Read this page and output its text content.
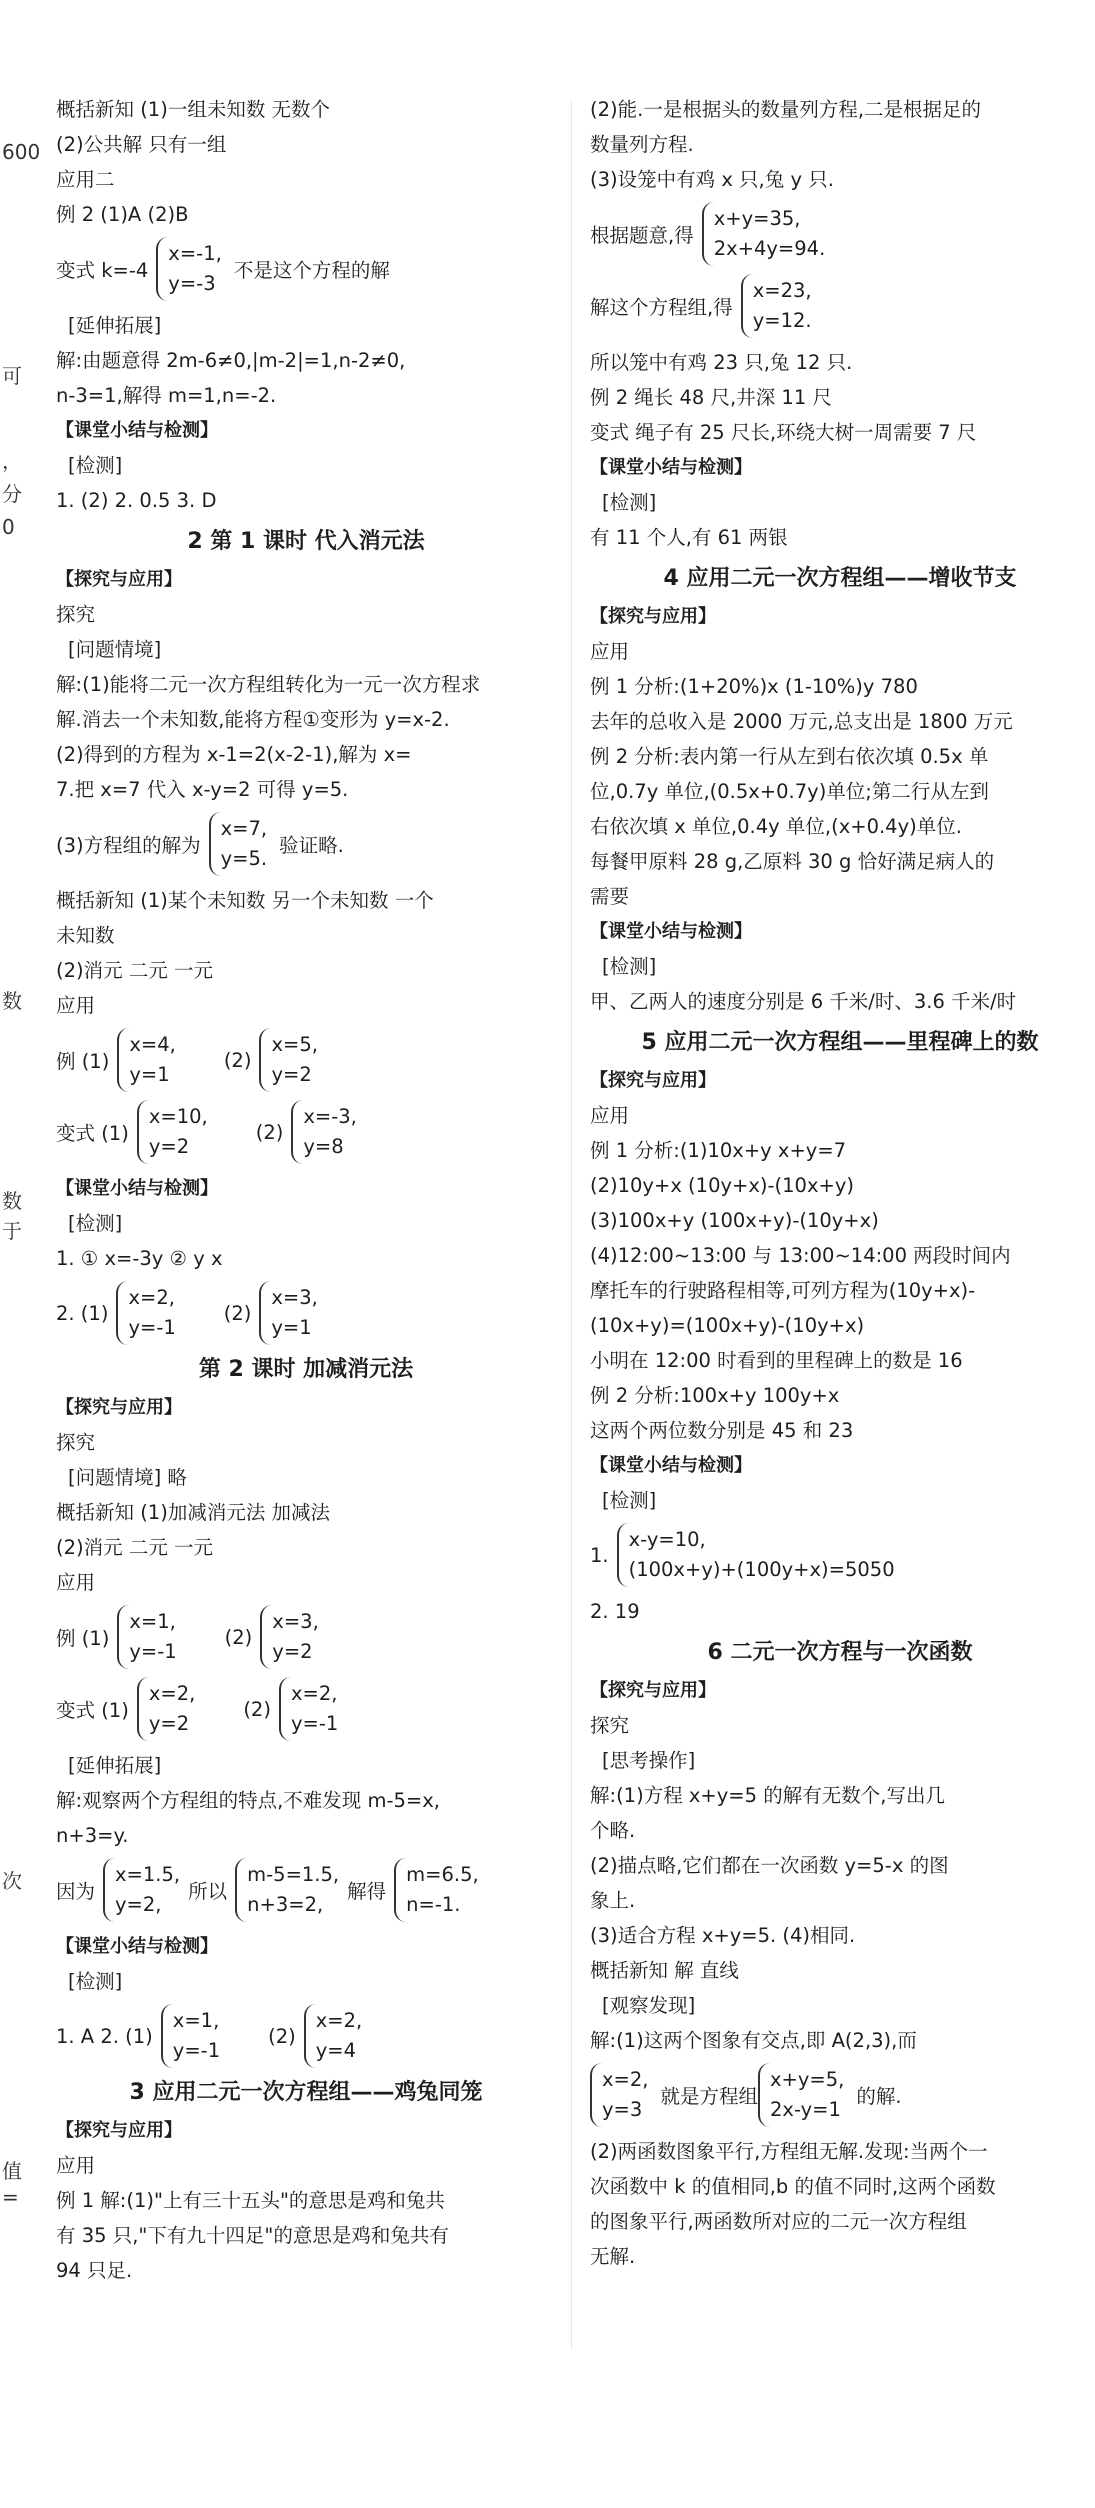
600
可
，
分
0
数
数
于
次
值
=
概括新知 (1)一组未知数 无数个
(2)公共解 只有一组
应用二
例 2 (1)A (2)B
变式 k=-4
x=-1,
y=-3
不是这个方程的解
[延伸拓展]
解:由题意得 2m-6≠0,|m-2|=1,n-2≠0,
n-3=1,解得 m=1,n=-2.
【课堂小结与检测】
[检测]
1. (2) 2. 0.5 3. D
2 第 1 课时 代入消元法
【探究与应用】
探究
[问题情境]
解:(1)能将二元一次方程组转化为一元一次方程求
解.消去一个未知数,能将方程①变形为 y=x-2.
(2)得到的方程为 x-1=2(x-2-1),解为 x=
7.把 x=7 代入 x-y=2 可得 y=5.
(3)方程组的解为
x=7,
y=5.
验证略.
概括新知 (1)某个未知数 另一个未知数 一个
未知数
(2)消元 二元 一元
应用
例 (1)
x=4,
y=1
(2)
x=5,
y=2
变式 (1)
x=10,
y=2
(2)
x=-3,
y=8
【课堂小结与检测】
[检测]
1. ① x=-3y ② y x
2. (1)
x=2,
y=-1
(2)
x=3,
y=1
第 2 课时 加减消元法
【探究与应用】
探究
[问题情境] 略
概括新知 (1)加减消元法 加减法
(2)消元 二元 一元
应用
例 (1)
x=1,
y=-1
(2)
x=3,
y=2
变式 (1)
x=2,
y=2
(2)
x=2,
y=-1
[延伸拓展]
解:观察两个方程组的特点,不难发现 m-5=x,
n+3=y.
因为
x=1.5,
y=2,
所以
m-5=1.5,
n+3=2,
解得
m=6.5,
n=-1.
【课堂小结与检测】
[检测]
1. A 2. (1)
x=1,
y=-1
(2)
x=2,
y=4
3 应用二元一次方程组——鸡兔同笼
【探究与应用】
应用
例 1 解:(1)"上有三十五头"的意思是鸡和兔共
有 35 只,"下有九十四足"的意思是鸡和兔共有
94 只足.
(2)能.一是根据头的数量列方程,二是根据足的
数量列方程.
(3)设笼中有鸡 x 只,兔 y 只.
根据题意,得
x+y=35,
2x+4y=94.
解这个方程组,得
x=23,
y=12.
所以笼中有鸡 23 只,兔 12 只.
例 2 绳长 48 尺,井深 11 尺
变式 绳子有 25 尺长,环绕大树一周需要 7 尺
【课堂小结与检测】
[检测]
有 11 个人,有 61 两银
4 应用二元一次方程组——增收节支
【探究与应用】
应用
例 1 分析:(1+20%)x (1-10%)y 780
去年的总收入是 2000 万元,总支出是 1800 万元
例 2 分析:表内第一行从左到右依次填 0.5x 单
位,0.7y 单位,(0.5x+0.7y)单位;第二行从左到
右依次填 x 单位,0.4y 单位,(x+0.4y)单位.
每餐甲原料 28 g,乙原料 30 g 恰好满足病人的
需要
【课堂小结与检测】
[检测]
甲、乙两人的速度分别是 6 千米/时、3.6 千米/时
5 应用二元一次方程组——里程碑上的数
【探究与应用】
应用
例 1 分析:(1)10x+y x+y=7
(2)10y+x (10y+x)-(10x+y)
(3)100x+y (100x+y)-(10y+x)
(4)12:00~13:00 与 13:00~14:00 两段时间内
摩托车的行驶路程相等,可列方程为(10y+x)-
(10x+y)=(100x+y)-(10y+x)
小明在 12:00 时看到的里程碑上的数是 16
例 2 分析:100x+y 100y+x
这两个两位数分别是 45 和 23
【课堂小结与检测】
[检测]
1.
x-y=10,
(100x+y)+(100y+x)=5050
2. 19
6 二元一次方程与一次函数
【探究与应用】
探究
[思考操作]
解:(1)方程 x+y=5 的解有无数个,写出几
个略.
(2)描点略,它们都在一次函数 y=5-x 的图
象上.
(3)适合方程 x+y=5. (4)相同.
概括新知 解 直线
[观察发现]
解:(1)这两个图象有交点,即 A(2,3),而
x=2,
y=3
就是方程组
x+y=5,
2x-y=1
的解.
(2)两函数图象平行,方程组无解.发现:当两个一
次函数中 k 的值相同,b 的值不同时,这两个函数
的图象平行,两函数所对应的二元一次方程组
无解.
